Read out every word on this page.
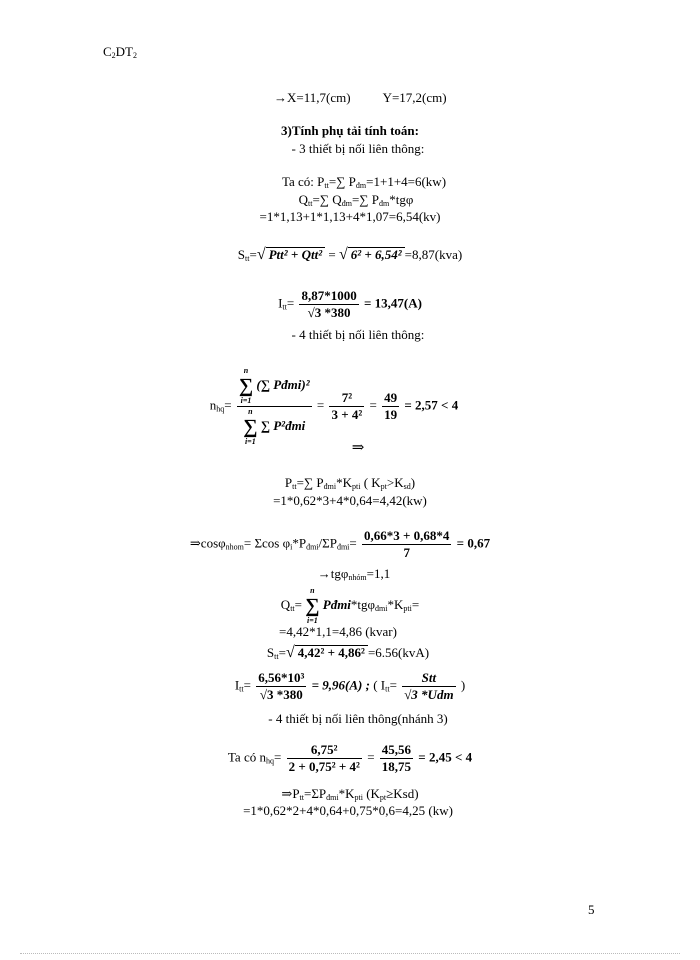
$C_2DT_2$
→X=11,7(cm) Y=17,2(cm)
3)Tính phụ tải tính toán:
- 3 thiết bị nối liên thông:
Ta có: $P_{tt}=\sum$ $P_{đm}=1+1+4=6(kw)$
$Q_{tt}=\sum$ $Q_{đm}=\sum$ $P_{đm}*tg\varphi$
=1*1,13+1*1,13+4*1,07=6,54(kv)
$S_{tt}=√$ Ptt² + Qtt² = √ 6² + 6,54² =8,87(kva)
$I_{tt}= \frac{8,87*1000}{√3 *380} = 13,47(A)$
- 4 thiết bị nối liên thông:
$n_{hq}= n$
∑
i=1
(∑ Pđmi)²
n
∑
i=1
∑ P²đmi = $\frac{\text{7²}}{\text{3 + 4²}} = \frac{49}{19} = 2,57 < 4$
⇒
$P_{tt}=\sum$ $P_{đmi}*K_{pti}$ ( $K_{pt}>K_{sd}$)
=1*0,62*3+4*0,64=4,42(kw)
⇒cosφ$_{nhom}$= Σcos $\varphi_i*P_{đmi}/\Sigma P_{đmi}= \frac{0,66*3 + 0,68*4}{7} = 0,67$
→tgφ$_{nhóm}$=1,1
$Q_{tt}=$
n
∑
i=1
$Pđmi*tg\varphi_{đmi}*K_{pti}=$
=4,42*1,1=4,86 (kvar)
$S_{tt}=√$ 4,42² + 4,86² =6.56(kvA)
$I_{tt}= \frac{\text{6,56*10³}}{√3 *380} = 9,96(A)$ ; ( $I_{tt}= \frac{\text{Stt}}{\text{√3 *Udm}}$ )
- 4 thiết bị nối liên thông(nhánh 3)
Ta có $n_{hq}= \frac{\text{6,75²}}{\text{2 + 0,75² + 4²}} = \frac{45,56}{18,75} = 2,45 < 4$
$\Rightarrow P_{tt}=\Sigma P_{đmi}*K_{pti}$ $(K_{pt}\ge Ksd)$
=1*0,62*2+4*0,64+0,75*0,6=4,25 (kw)
5
